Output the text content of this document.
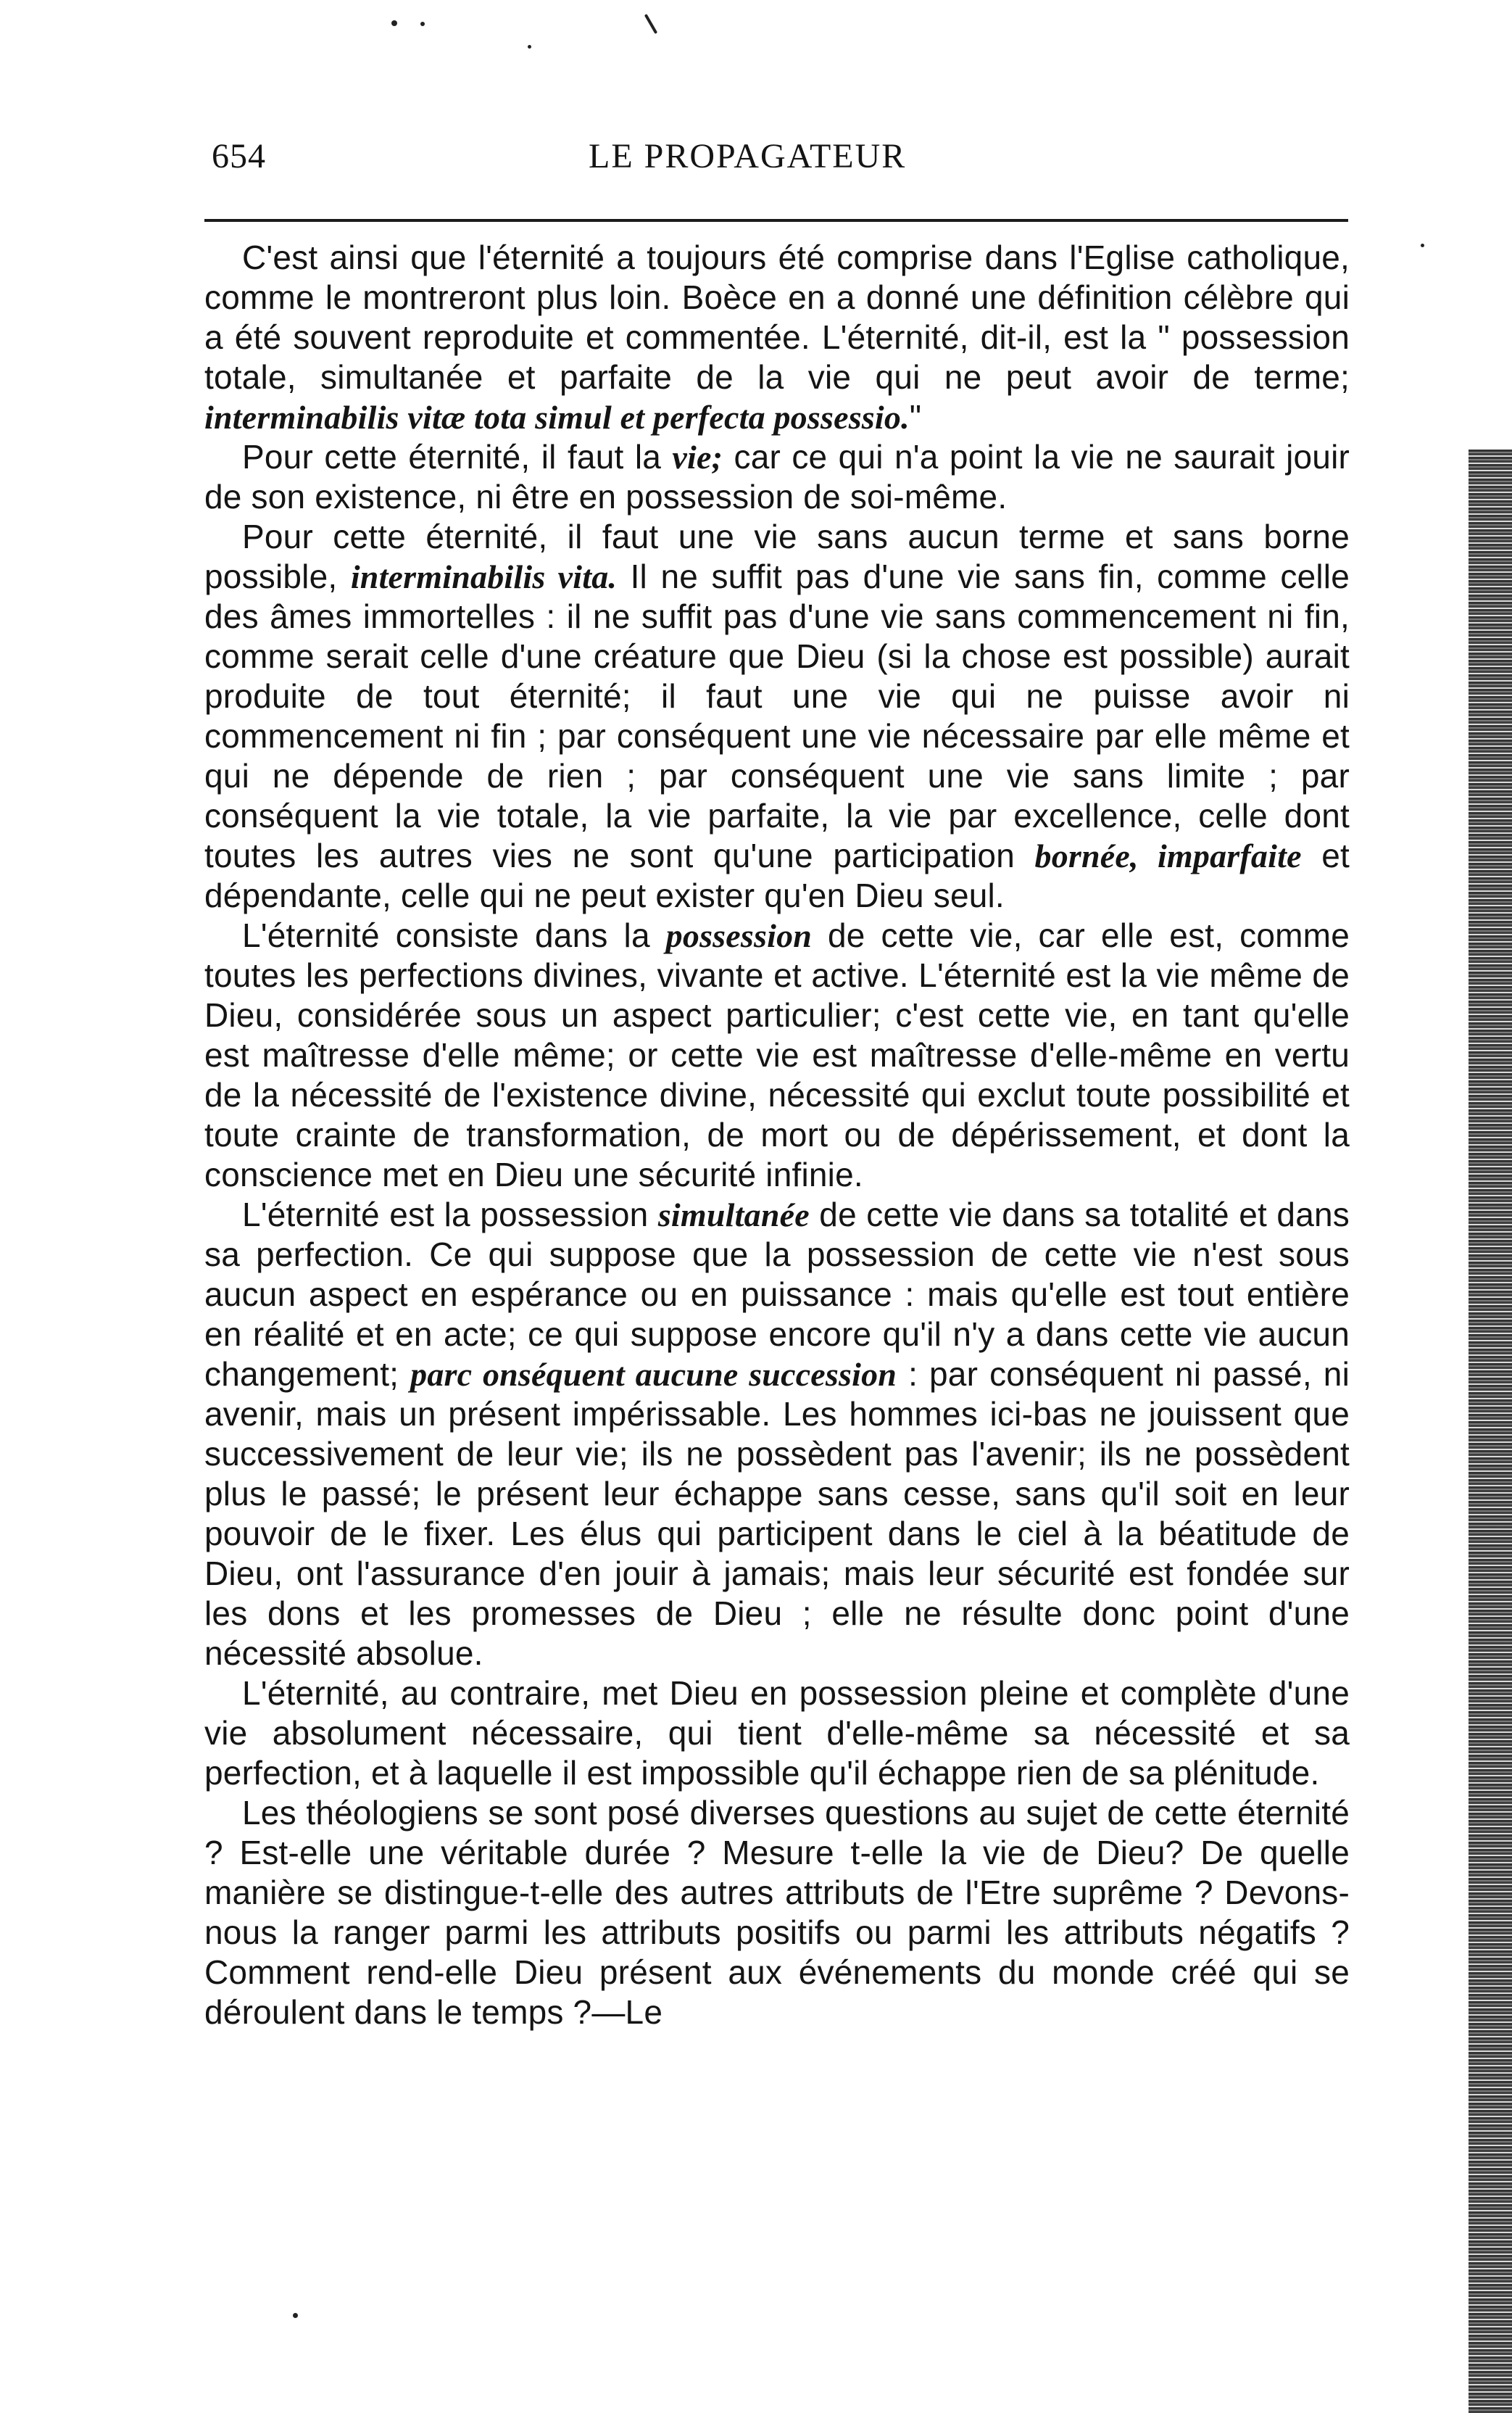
654	LE PROPAGATEUR

C'est ainsi que l'éternité a toujours été comprise dans l'Eglise catholique, comme le montreront plus loin. Boèce en a donné une définition célèbre qui a été souvent reproduite et commentée. L'éternité, dit-il, est la " possession totale, simultanée et parfaite de la vie qui ne peut avoir de terme; interminabilis vitæ tota simul et perfecta possessio."

Pour cette éternité, il faut la vie; car ce qui n'a point la vie ne saurait jouir de son existence, ni être en possession de soi-même.

Pour cette éternité, il faut une vie sans aucun terme et sans borne possible, interminabilis vita. Il ne suffit pas d'une vie sans fin, comme celle des âmes immortelles : il ne suffit pas d'une vie sans commencement ni fin, comme serait celle d'une créature que Dieu (si la chose est possible) aurait produite de tout éternité; il faut une vie qui ne puisse avoir ni commencement ni fin ; par conséquent une vie nécessaire par elle même et qui ne dépende de rien ; par conséquent une vie sans limite ; par conséquent la vie totale, la vie parfaite, la vie par excellence, celle dont toutes les autres vies ne sont qu'une participation bornée, imparfaite et dépendante, celle qui ne peut exister qu'en Dieu seul.

L'éternité consiste dans la possession de cette vie, car elle est, comme toutes les perfections divines, vivante et active. L'éternité est la vie même de Dieu, considérée sous un aspect particulier; c'est cette vie, en tant qu'elle est maîtresse d'elle même; or cette vie est maîtresse d'elle-même en vertu de la nécessité de l'existence divine, nécessité qui exclut toute possibilité et toute crainte de transformation, de mort ou de dépérissement, et dont la conscience met en Dieu une sécurité infinie.

L'éternité est la possession simultanée de cette vie dans sa totalité et dans sa perfection. Ce qui suppose que la possession de cette vie n'est sous aucun aspect en espérance ou en puissance : mais qu'elle est tout entière en réalité et en acte; ce qui suppose encore qu'il n'y a dans cette vie aucun changement; parc onséquent aucune succession : par conséquent ni passé, ni avenir, mais un présent impérissable. Les hommes ici-bas ne jouissent que successivement de leur vie; ils ne possèdent pas l'avenir; ils ne possèdent plus le passé; le présent leur échappe sans cesse, sans qu'il soit en leur pouvoir de le fixer. Les élus qui participent dans le ciel à la béatitude de Dieu, ont l'assurance d'en jouir à jamais; mais leur sécurité est fondée sur les dons et les promesses de Dieu ; elle ne résulte donc point d'une nécessité absolue.

L'éternité, au contraire, met Dieu en possession pleine et complète d'une vie absolument nécessaire, qui tient d'elle-même sa nécessité et sa perfection, et à laquelle il est impossible qu'il échappe rien de sa plénitude.

Les théologiens se sont posé diverses questions au sujet de cette éternité ? Est-elle une véritable durée ? Mesure t-elle la vie de Dieu? De quelle manière se distingue-t-elle des autres attributs de l'Etre suprême ? Devons-nous la ranger parmi les attributs positifs ou parmi les attributs négatifs ? Comment rend-elle Dieu présent aux événements du monde créé qui se déroulent dans le temps ?—Le
